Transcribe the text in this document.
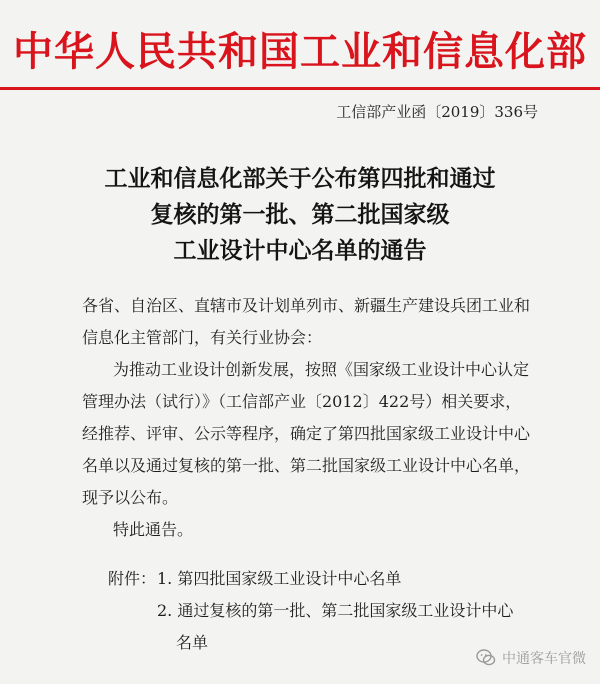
中华人民共和国工业和信息化部
工信部产业函〔2019〕336号
工业和信息化部关于公布第四批和通过
复核的第一批、第二批国家级
工业设计中心名单的通告
各省、自治区、直辖市及计划单列市、新疆生产建设兵团工业和
信息化主管部门，有关行业协会：
为推动工业设计创新发展，按照《国家级工业设计中心认定
管理办法（试行）》（工信部产业〔2012〕422号）相关要求，
经推荐、评审、公示等程序，确定了第四批国家级工业设计中心
名单以及通过复核的第一批、第二批国家级工业设计中心名单，
现予以公布。
特此通告。
附件： 1. 第四批国家级工业设计中心名单
2. 通过复核的第一批、第二批国家级工业设计中心
名单
中通客车官微
